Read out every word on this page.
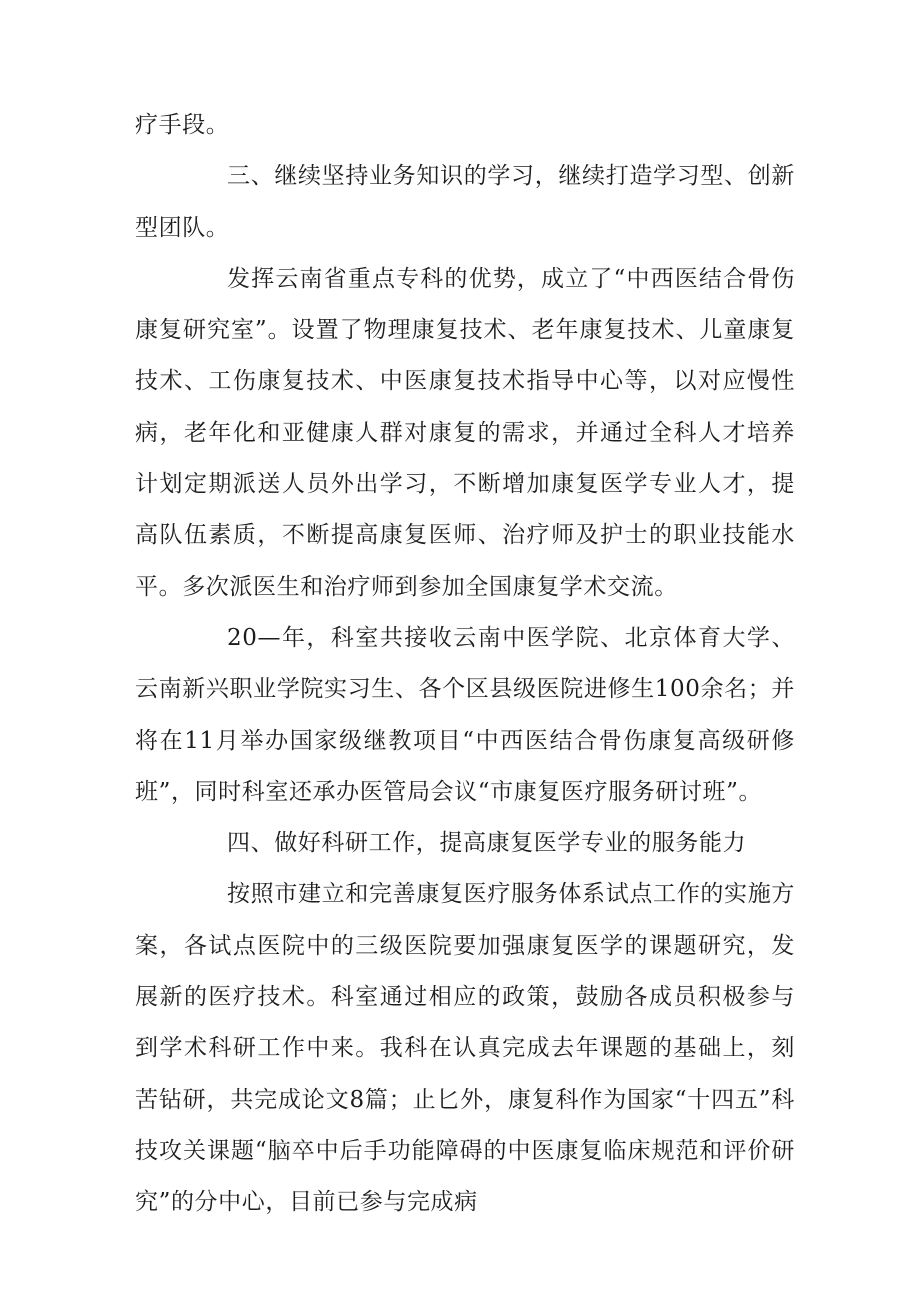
疗手段。

三、继续坚持业务知识的学习，继续打造学习型、创新型团队。

发挥云南省重点专科的优势，成立了“中西医结合骨伤康复研究室”。设置了物理康复技术、老年康复技术、儿童康复技术、工伤康复技术、中医康复技术指导中心等，以对应慢性病，老年化和亚健康人群对康复的需求，并通过全科人才培养计划定期派送人员外出学习，不断增加康复医学专业人才，提高队伍素质，不断提高康复医师、治疗师及护士的职业技能水平。多次派医生和治疗师到参加全国康复学术交流。

20—年，科室共接收云南中医学院、北京体育大学、云南新兴职业学院实习生、各个区县级医院进修生100余名；并将在11月举办国家级继教项目“中西医结合骨伤康复高级研修班”，同时科室还承办医管局会议“市康复医疗服务研讨班”。

四、做好科研工作，提高康复医学专业的服务能力

按照市建立和完善康复医疗服务体系试点工作的实施方案，各试点医院中的三级医院要加强康复医学的课题研究，发展新的医疗技术。科室通过相应的政策，鼓励各成员积极参与到学术科研工作中来。我科在认真完成去年课题的基础上，刻苦钻研，共完成论文8篇；止匕外，康复科作为国家“十四五”科技攻关课题“脑卒中后手功能障碍的中医康复临床规范和评价研究”的分中心，目前已参与完成病
